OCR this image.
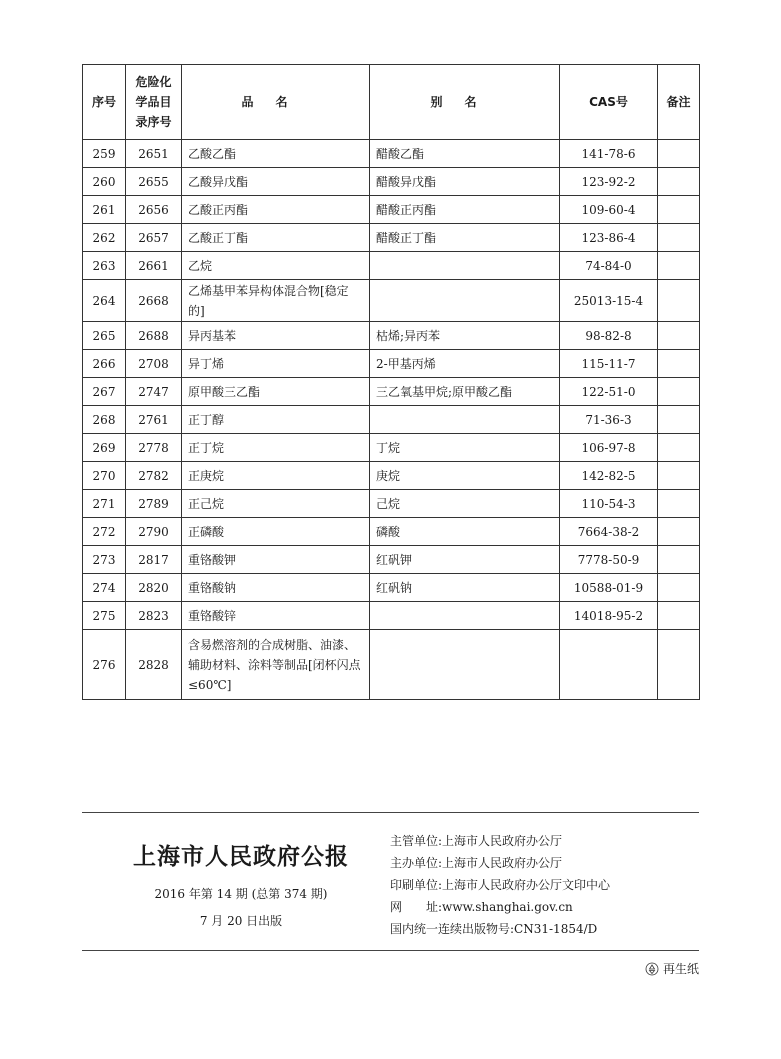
序号	危险化
学品目
录序号	品名	别名	CAS号	备注
259	2651	乙酸乙酯	醋酸乙酯	141-78-6	
260	2655	乙酸异戊酯	醋酸异戊酯	123-92-2	
261	2656	乙酸正丙酯	醋酸正丙酯	109-60-4	
262	2657	乙酸正丁酯	醋酸正丁酯	123-86-4	
263	2661	乙烷		74-84-0	
264	2668	乙烯基甲苯异构体混合物[稳定的]		25013-15-4	
265	2688	异丙基苯	枯烯;异丙苯	98-82-8	
266	2708	异丁烯	2-甲基丙烯	115-11-7	
267	2747	原甲酸三乙酯	三乙氧基甲烷;原甲酸乙酯	122-51-0	
268	2761	正丁醇		71-36-3	
269	2778	正丁烷	丁烷	106-97-8	
270	2782	正庚烷	庚烷	142-82-5	
271	2789	正己烷	己烷	110-54-3	
272	2790	正磷酸	磷酸	7664-38-2	
273	2817	重铬酸钾	红矾钾	7778-50-9	
274	2820	重铬酸钠	红矾钠	10588-01-9	
275	2823	重铬酸锌		14018-95-2	
276	2828	含易燃溶剂的合成树脂、油漆、辅助材料、涂料等制品[闭杯闪点≤60℃]			
上海市人民政府公报
2016 年第 14 期 (总第 374 期)
7 月 20 日出版
主管单位:上海市人民政府办公厅
主办单位:上海市人民政府办公厅
印刷单位:上海市人民政府办公厅文印中心
网　　址:www.shanghai.gov.cn
国内统一连续出版物号:CN31-1854/D
再生纸
